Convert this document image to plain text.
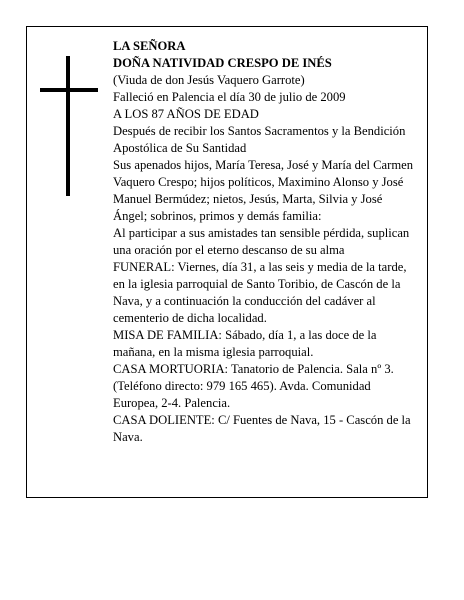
LA SEÑORA

DOÑA NATIVIDAD CRESPO DE INÉS

(Viuda de don Jesús Vaquero Garrote)

Falleció en Palencia el día 30 de julio de 2009

A LOS 87 AÑOS DE EDAD

Después de recibir los Santos Sacramentos y la Bendición Apostólica de Su Santidad

Sus apenados hijos, María Teresa, José y María del Carmen Vaquero Crespo; hijos políticos, Maximino Alonso y José Manuel Bermúdez; nietos, Jesús, Marta, Silvia y José Ángel; sobrinos, primos y demás familia:

Al participar a sus amistades tan sensible pérdida, suplican una oración por el eterno descanso de su alma

FUNERAL: Viernes, día 31, a las seis y media de la tarde, en la iglesia parroquial de Santo Toribio, de Cascón de la Nava, y a continuación la conducción del cadáver al cementerio de dicha localidad.

MISA DE FAMILIA: Sábado, día 1, a las doce de la mañana, en la misma iglesia parroquial.

CASA MORTUORIA: Tanatorio de Palencia. Sala nº 3. (Teléfono directo: 979 165 465). Avda. Comunidad Europea, 2-4. Palencia.

CASA DOLIENTE: C/ Fuentes de Nava, 15 - Cascón de la Nava.
